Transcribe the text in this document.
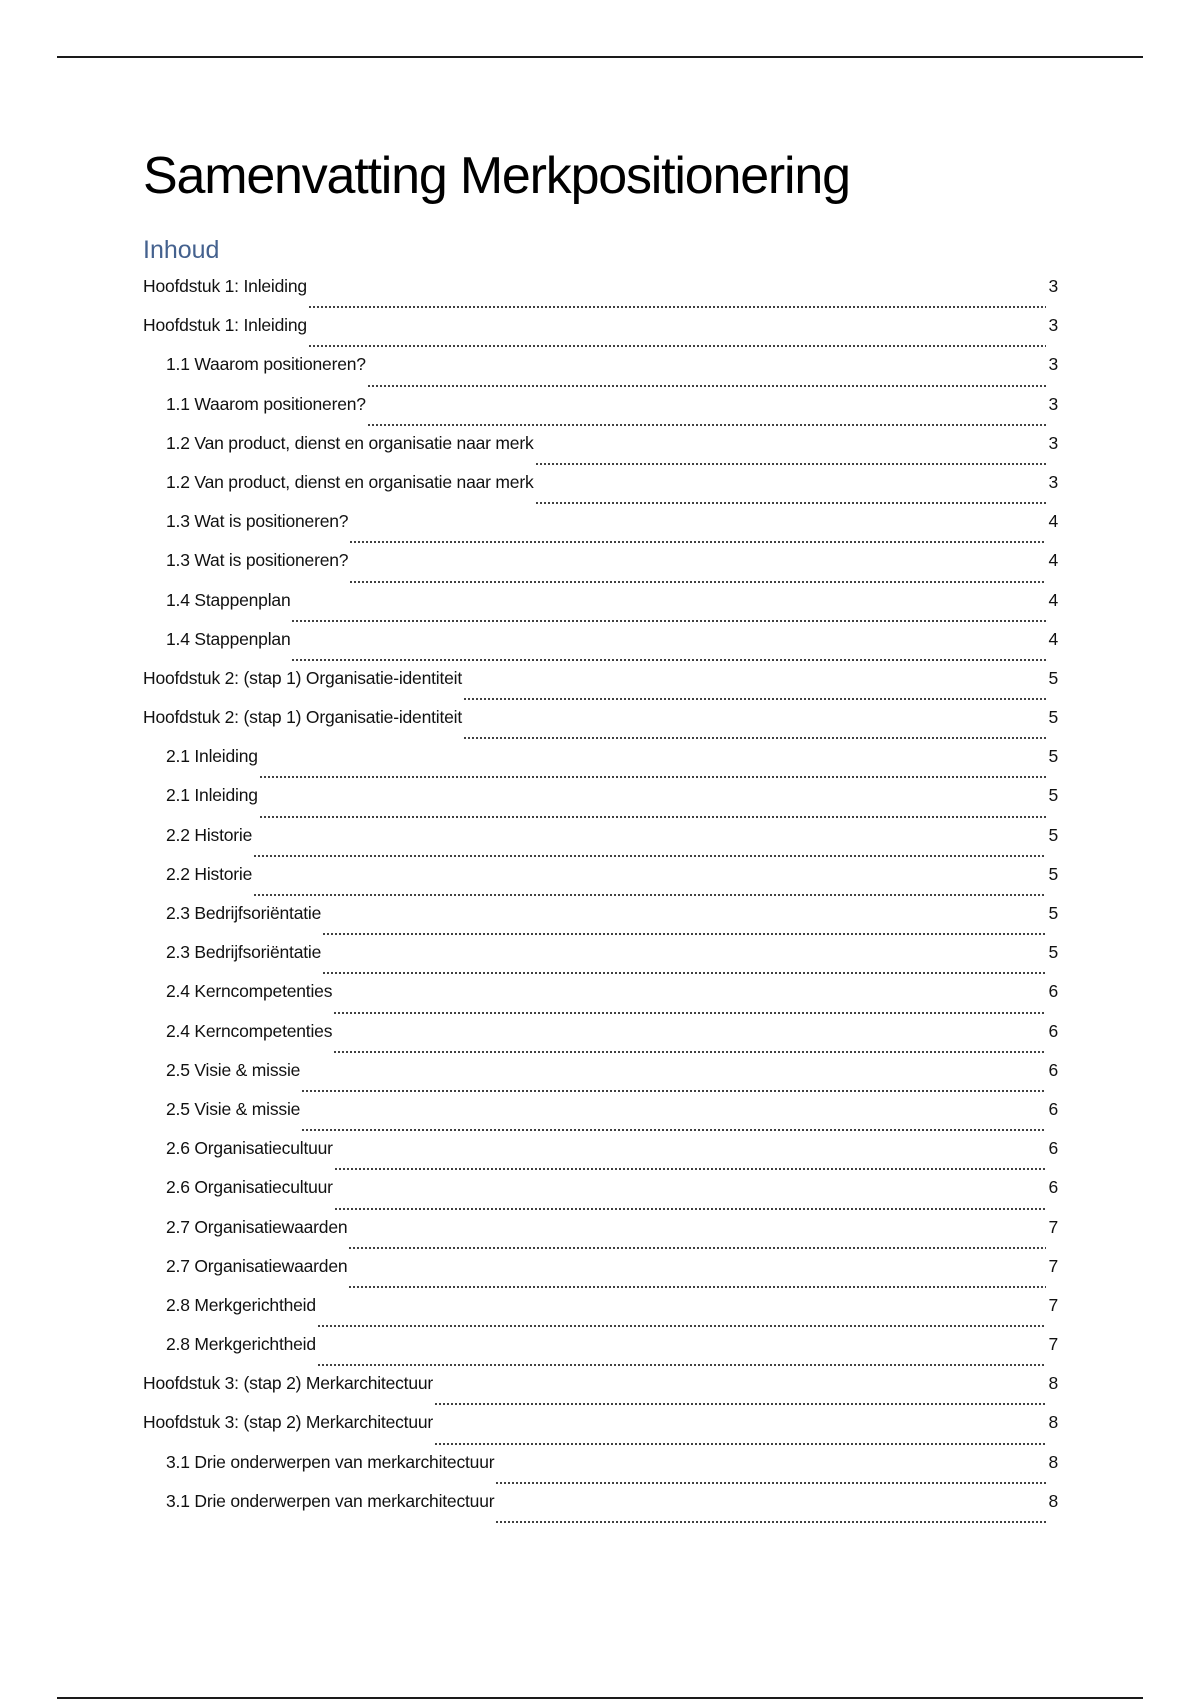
Samenvatting Merkpositionering
Inhoud
Hoofdstuk 1: Inleiding	3
Hoofdstuk 1: Inleiding	3
1.1 Waarom positioneren?	3
1.1 Waarom positioneren?	3
1.2 Van product, dienst en organisatie naar merk	3
1.2 Van product, dienst en organisatie naar merk	3
1.3 Wat is positioneren?	4
1.3 Wat is positioneren?	4
1.4 Stappenplan	4
1.4 Stappenplan	4
Hoofdstuk 2: (stap 1) Organisatie-identiteit	5
Hoofdstuk 2: (stap 1) Organisatie-identiteit	5
2.1 Inleiding	5
2.1 Inleiding	5
2.2 Historie	5
2.2 Historie	5
2.3 Bedrijfsoriëntatie	5
2.3 Bedrijfsoriëntatie	5
2.4 Kerncompetenties	6
2.4 Kerncompetenties	6
2.5 Visie & missie	6
2.5 Visie & missie	6
2.6 Organisatiecultuur	6
2.6 Organisatiecultuur	6
2.7 Organisatiewaarden	7
2.7 Organisatiewaarden	7
2.8 Merkgerichtheid	7
2.8 Merkgerichtheid	7
Hoofdstuk 3: (stap 2) Merkarchitectuur	8
Hoofdstuk 3: (stap 2) Merkarchitectuur	8
3.1 Drie onderwerpen van merkarchitectuur	8
3.1 Drie onderwerpen van merkarchitectuur	8
